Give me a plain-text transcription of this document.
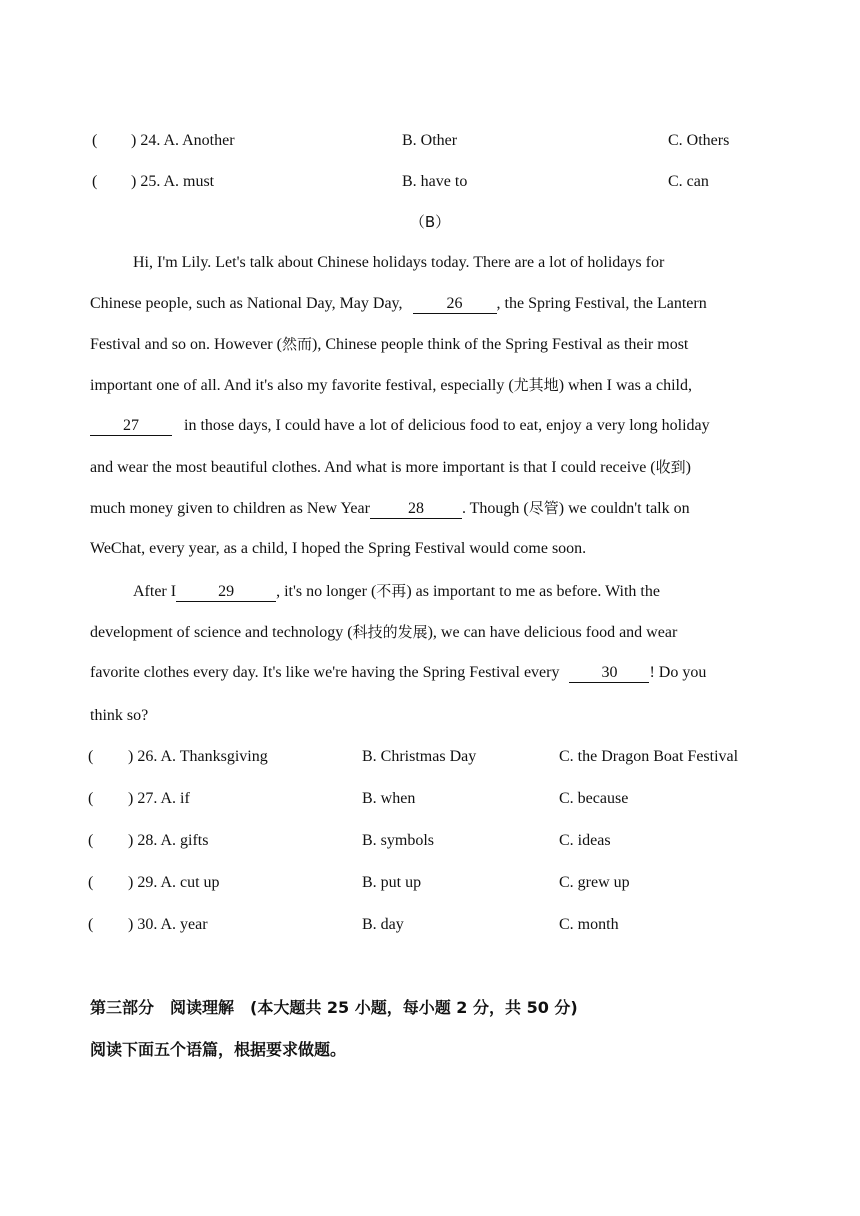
( ) 24. A. Another	B. Other	C. Others
( ) 25. A. must	B. have to	C. can
（B）
Hi, I'm Lily. Let's talk about Chinese holidays today. There are a lot of holidays for
Chinese people, such as National Day, May Day,	26 , the Spring Festival, the Lantern
Festival and so on. However (然而), Chinese people think of the Spring Festival as their most
important one of all. And it's also my favorite festival, especially (尤其地) when I was a child,
27	in those days, I could have a lot of delicious food to eat, enjoy a very long holiday
and wear the most beautiful clothes. And what is more important is that I could receive (收到)
much money given to children as New Year 28 . Though (尽管) we couldn't talk on
WeChat, every year, as a child, I hoped the Spring Festival would come soon.
After I	29	, it's no longer (不再) as important to me as before. With the
development of science and technology (科技的发展), we can have delicious food and wear
favorite clothes every day. It's like we're having the Spring Festival every	30 ! Do you
think so?
( ) 26. A. Thanksgiving	B. Christmas Day	C. the Dragon Boat Festival
( ) 27. A. if	B. when	C. because
( ) 28. A. gifts	B. symbols	C. ideas
( ) 29. A. cut up	B. put up	C. grew up
( ) 30. A. year	B. day	C. month
第三部分　阅读理解　(本大题共 25 小题，每小题 2 分，共 50 分)
阅读下面五个语篇，根据要求做题。
